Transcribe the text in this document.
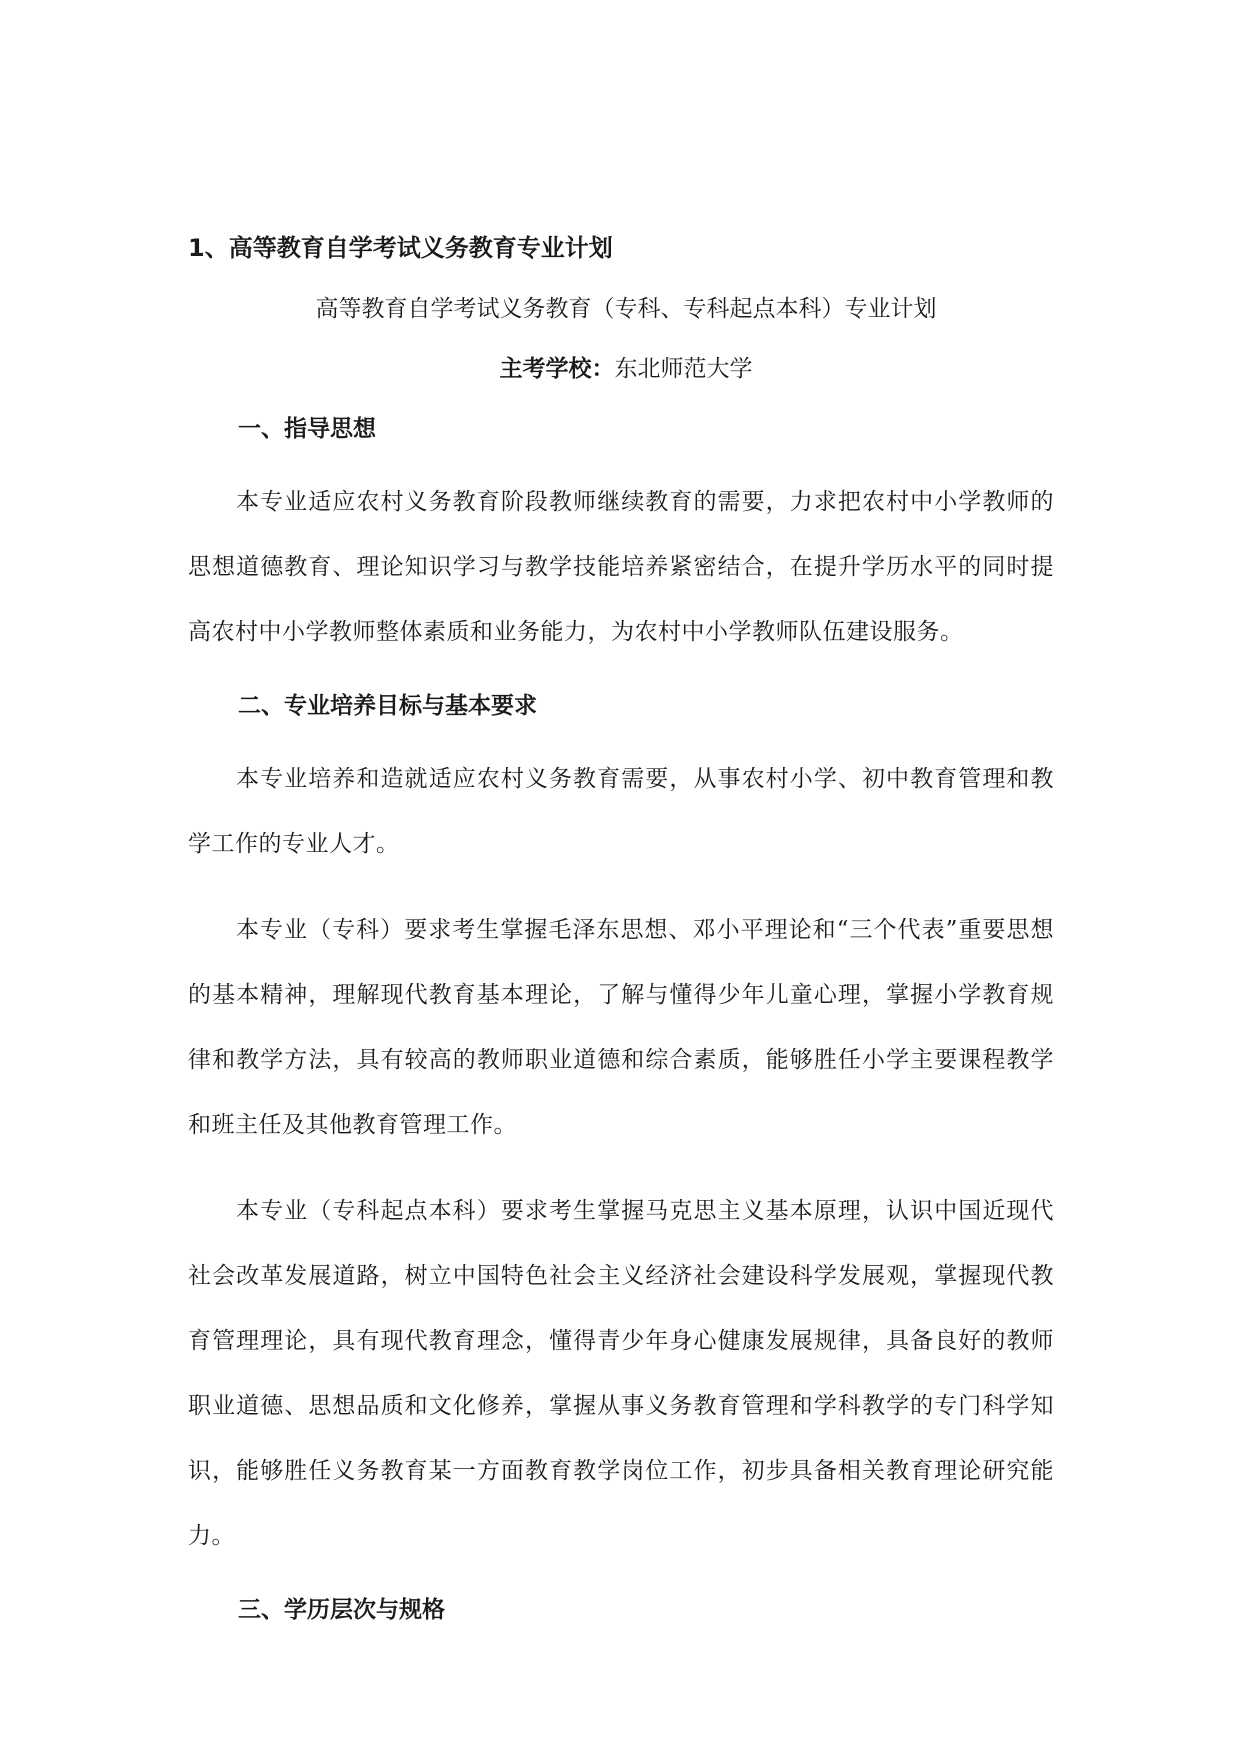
1、高等教育自学考试义务教育专业计划

高等教育自学考试义务教育（专科、专科起点本科）专业计划

主考学校：东北师范大学

一、指导思想

本专业适应农村义务教育阶段教师继续教育的需要，力求把农村中小学教师的思想道德教育、理论知识学习与教学技能培养紧密结合，在提升学历水平的同时提高农村中小学教师整体素质和业务能力，为农村中小学教师队伍建设服务。

二、专业培养目标与基本要求

本专业培养和造就适应农村义务教育需要，从事农村小学、初中教育管理和教学工作的专业人才。

本专业（专科）要求考生掌握毛泽东思想、邓小平理论和“三个代表”重要思想的基本精神，理解现代教育基本理论，了解与懂得少年儿童心理，掌握小学教育规律和教学方法，具有较高的教师职业道德和综合素质，能够胜任小学主要课程教学和班主任及其他教育管理工作。

本专业（专科起点本科）要求考生掌握马克思主义基本原理，认识中国近现代社会改革发展道路，树立中国特色社会主义经济社会建设科学发展观，掌握现代教育管理理论，具有现代教育理念，懂得青少年身心健康发展规律，具备良好的教师职业道德、思想品质和文化修养，掌握从事义务教育管理和学科教学的专门科学知识，能够胜任义务教育某一方面教育教学岗位工作，初步具备相关教育理论研究能力。

三、学历层次与规格
